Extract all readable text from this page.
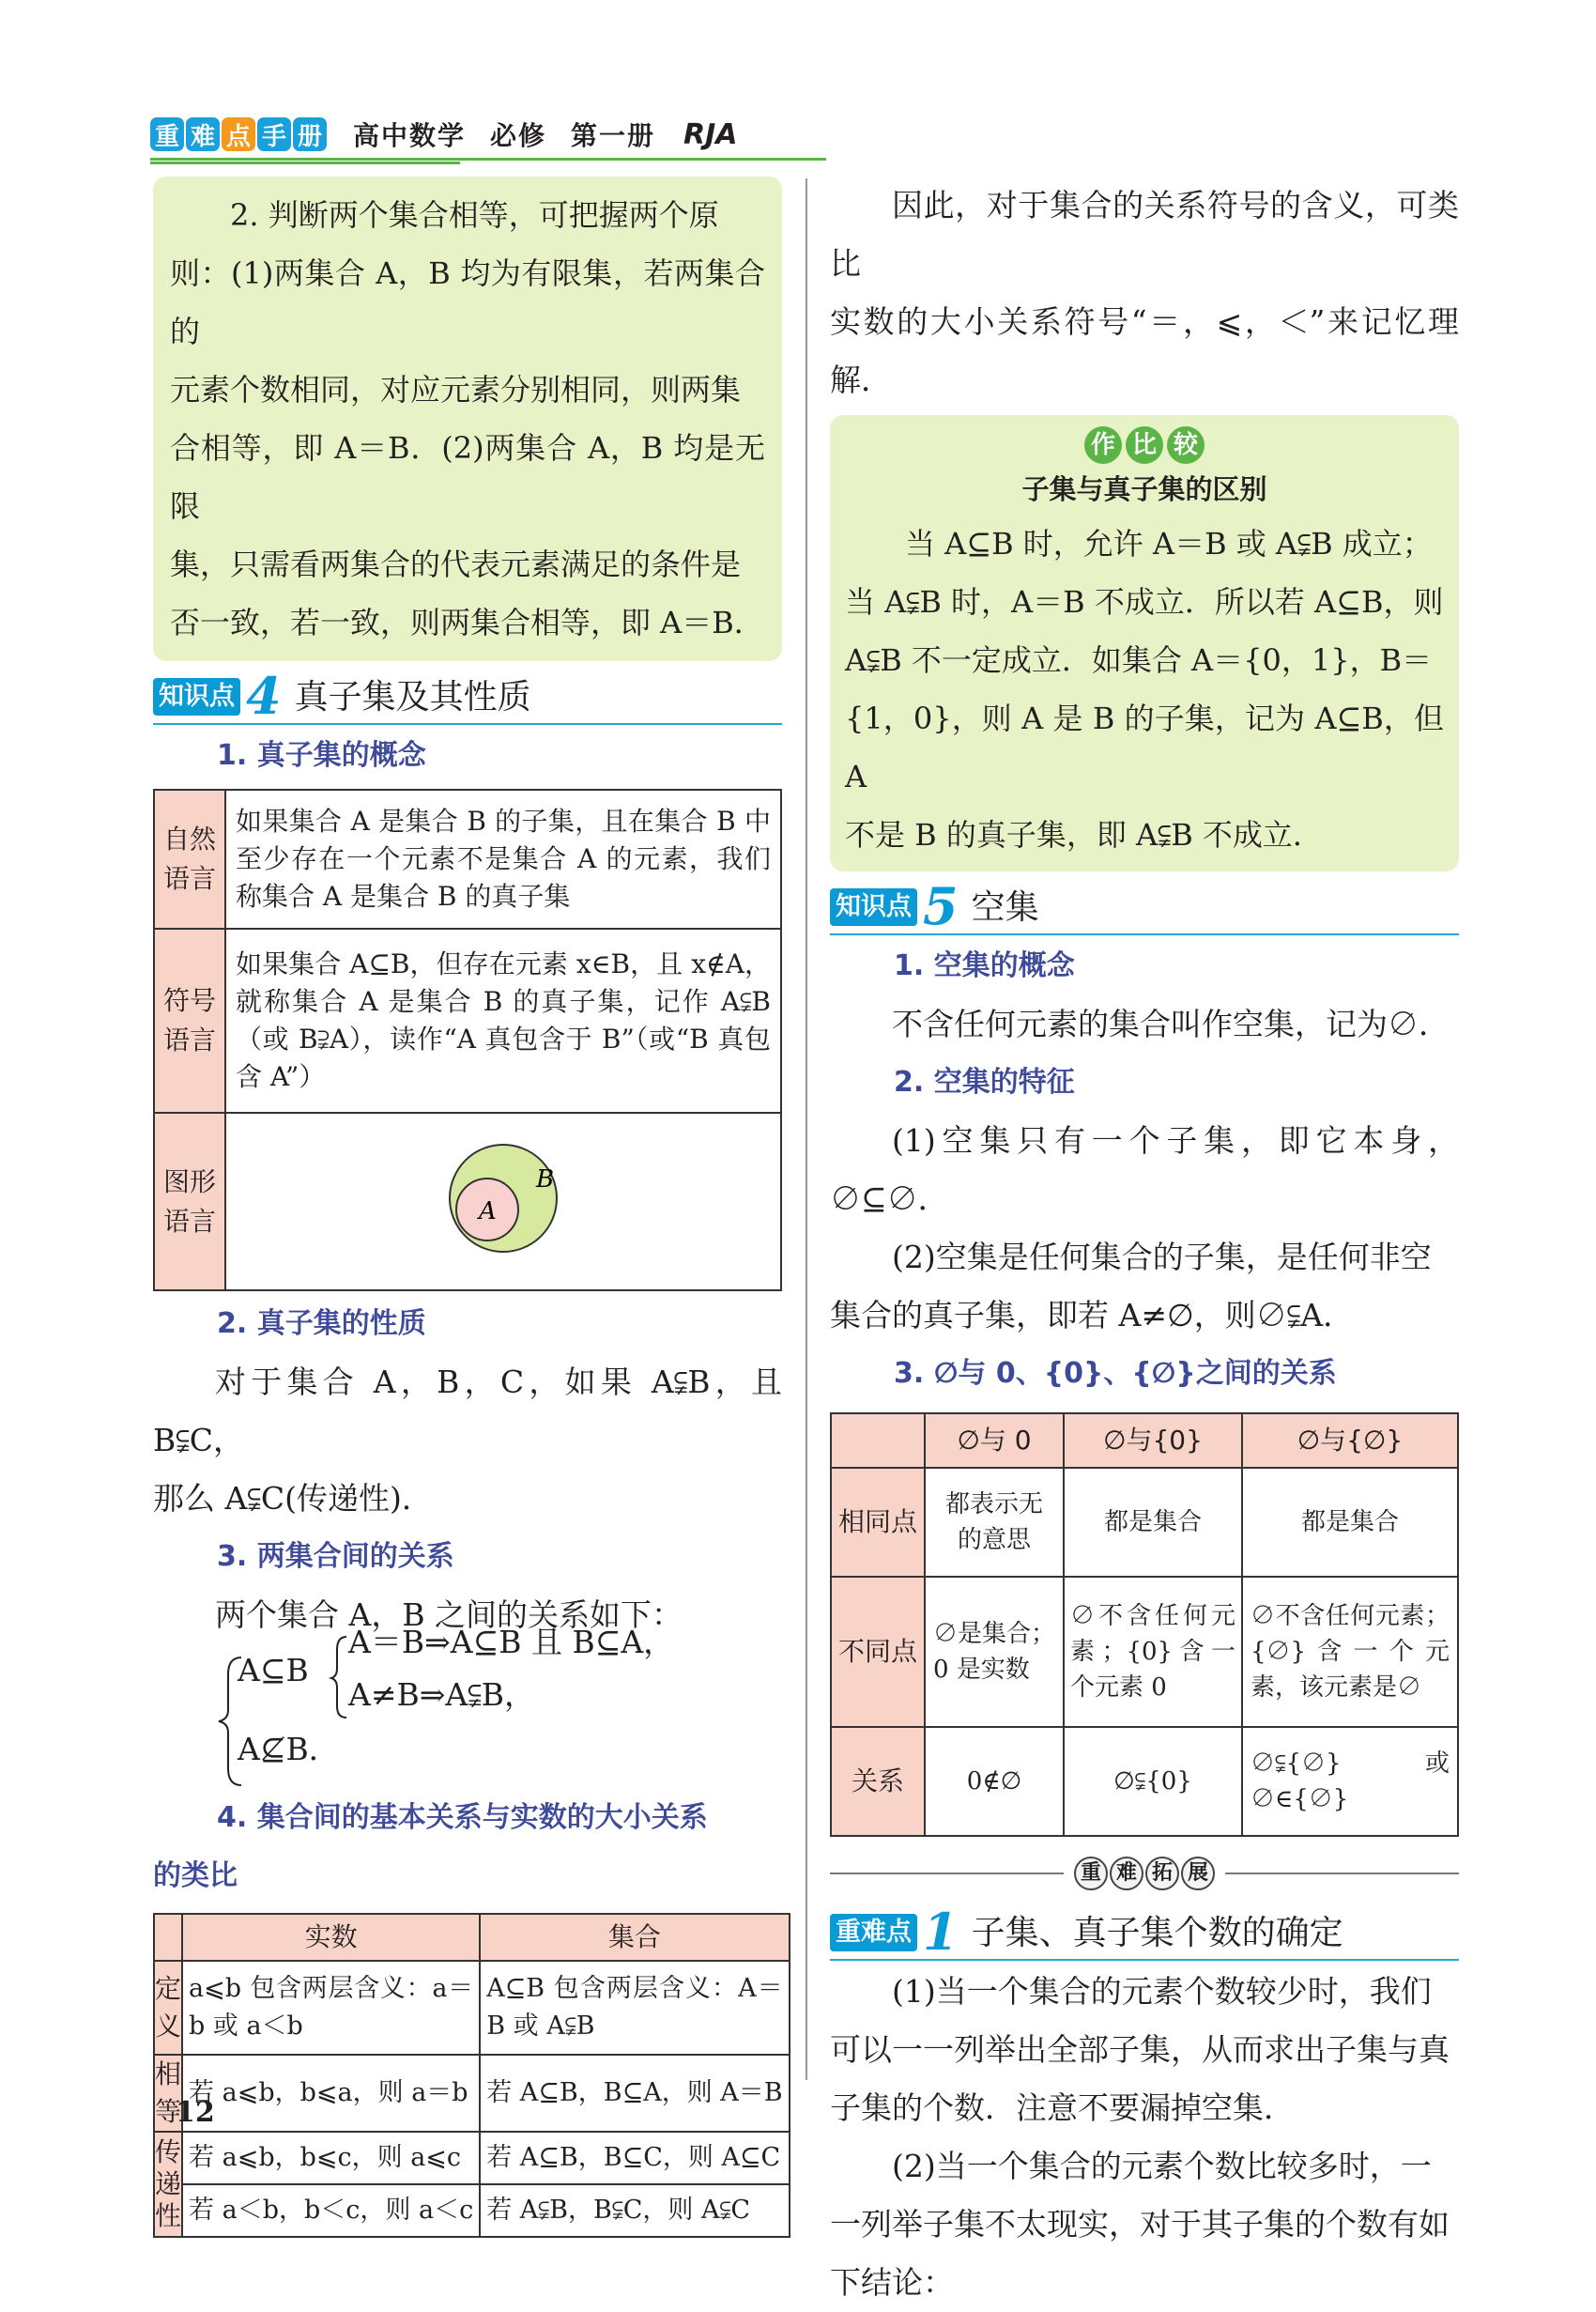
重 难 点 手 册 高中数学 必修 第一册 RJA
2. 判断两个集合相等，可把握两个原
则：(1)两集合 A，B 均为有限集，若两集合的
元素个数相同，对应元素分别相同，则两集
合相等，即 A＝B．(2)两集合 A，B 均是无限
集，只需看两集合的代表元素满足的条件是
否一致，若一致，则两集合相等，即 A＝B．
知识点 4 真子集及其性质
1. 真子集的概念
自然语言	如果集合 A 是集合 B 的子集，且在集合 B 中至少存在一个元素不是集合 A 的元素，我们称集合 A 是集合 B 的真子集

符号语言	如果集合 A⊆B，但存在元素 x∈B，且 x∉A，就称集合 A 是集合 B 的真子集，记作 A⫋B（或 B⫌A），读作“A 真包含于 B”（或“B 真包含 A”）

图形语言	B
A
2. 真子集的性质
对于集合 A，B，C，如果 A⫋B，且 B⫋C，
那么 A⫋C(传递性)．
3. 两集合间的关系
两个集合 A，B 之间的关系如下：
A⊆B
A＝B⇒A⊆B 且 B⊆A，
A≠B⇒A⫋B，
A⊈B．
4. 集合间的基本关系与实数的大小关系
的类比
	实数	集合
定义	a⩽b 包含两层含义：a＝b 或 a＜b	A⊆B 包含两层含义：A＝B 或 A⫋B
相等	若 a⩽b，b⩽a，则 a＝b	若 A⊆B，B⊆A，则 A＝B

传递性	若 a⩽b，b⩽c，则 a⩽c	若 A⊆B，B⊆C，则 A⊆C
	若 a＜b，b＜c，则 a＜c	若 A⫋B，B⫋C，则 A⫋C
因此，对于集合的关系符号的含义，可类比
实数的大小关系符号“＝，⩽，＜”来记忆理解．
作 比 较
子集与真子集的区别
当 A⊆B 时，允许 A＝B 或 A⫋B 成立；
当 A⫋B 时，A＝B 不成立．所以若 A⊆B，则
A⫋B 不一定成立．如集合 A＝{0，1}，B＝
{1，0}，则 A 是 B 的子集，记为 A⊆B，但 A
不是 B 的真子集，即 A⫋B 不成立．
知识点 5 空集
1. 空集的概念
不含任何元素的集合叫作空集，记为∅．
2. 空集的特征
(1)空集只有一个子集，即它本身，∅⊆∅．
(2)空集是任何集合的子集，是任何非空
集合的真子集，即若 A≠∅，则∅⫋A．
3. ∅与 0、{0}、{∅}之间的关系
	∅与 0	∅与{0}	∅与{∅}
相同点	都表示无的意思	都是集合	都是集合
不同点	∅是集合；0 是实数	∅不含任何元素；{0}含一个元素 0	∅不含任何元素；{∅}含一个元素，该元素是∅
关系	0∉∅	∅⫋{0}	∅⫋{∅}或∅∈{∅}
重 难 拓 展
重难点 1 子集、真子集个数的确定
(1)当一个集合的元素个数较少时，我们
可以一一列举出全部子集，从而求出子集与真
子集的个数．注意不要漏掉空集．
(2)当一个集合的元素个数比较多时，一
一列举子集不太现实，对于其子集的个数有如
下结论：
12
